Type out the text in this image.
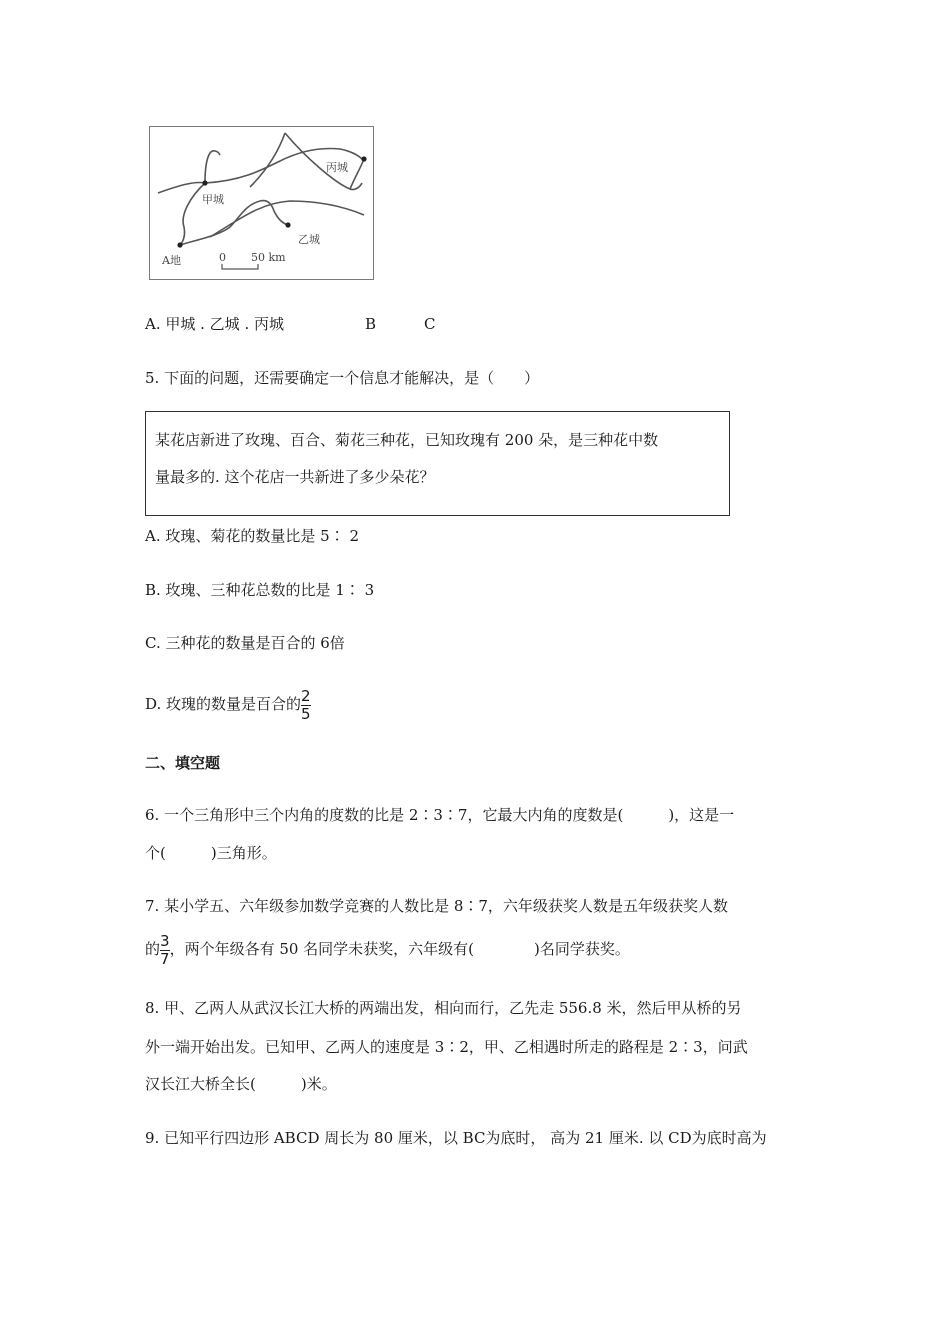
甲城
丙城
乙城
A地	0 50 km
A. 甲城 . 乙城 . 丙城	B	C
5. 下面的问题，还需要确定一个信息才能解决，是（　　）
某花店新进了玫瑰、百合、菊花三种花，已知玫瑰有 200 朵，是三种花中数
量最多的. 这个花店一共新进了多少朵花？
A. 玫瑰、菊花的数量比是 5∶ 2
B. 玫瑰、三种花总数的比是 1∶ 3
C. 三种花的数量是百合的 6倍
D. 玫瑰的数量是百合的 $\frac{2}{5}$
二、填空题
6. 一个三角形中三个内角的度数的比是 2∶3∶7，它最大内角的度数是(　　　)，这是一
个(　　　)三角形。
7. 某小学五、六年级参加数学竞赛的人数比是 8∶7，六年级获奖人数是五年级获奖人数
的 $\frac{3}{7}$ ，两个年级各有 50 名同学未获奖，六年级有(　　　　)名同学获奖。
8. 甲、乙两人从武汉长江大桥的两端出发，相向而行，乙先走 556.8 米，然后甲从桥的另
外一端开始出发。已知甲、乙两人的速度是 3∶2，甲、乙相遇时所走的路程是 2∶3，问武
汉长江大桥全长(　　　)米。
9. 已知平行四边形 ABCD 周长为 80 厘米，以 BC为底时， 高为 21 厘米. 以 CD为底时高为
